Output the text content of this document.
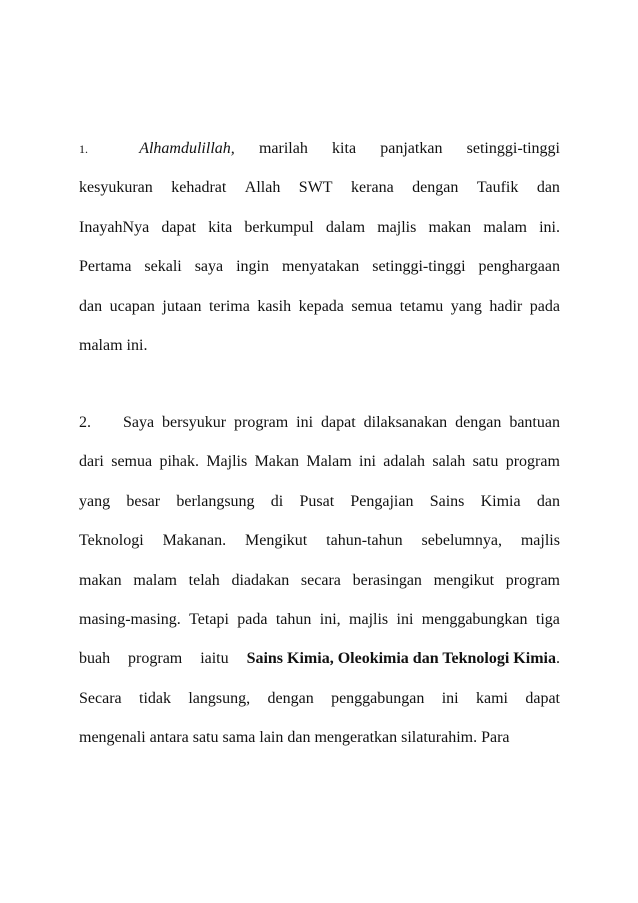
1.	Alhamdulillah, marilah kita panjatkan setinggi-tinggi
kesyukuran kehadrat Allah SWT kerana dengan Taufik dan
InayahNya dapat kita berkumpul dalam majlis makan malam ini.
Pertama sekali saya ingin menyatakan setinggi-tinggi penghargaan
dan ucapan jutaan terima kasih kepada semua tetamu yang hadir pada
malam ini.
2.	Saya bersyukur program ini dapat dilaksanakan dengan bantuan
dari semua pihak. Majlis Makan Malam ini adalah salah satu program
yang besar berlangsung di Pusat Pengajian Sains Kimia dan
Teknologi Makanan. Mengikut tahun-tahun sebelumnya, majlis
makan malam telah diadakan secara berasingan mengikut program
masing-masing. Tetapi pada tahun ini, majlis ini menggabungkan tiga
buah program iaitu Sains Kimia, Oleokimia dan Teknologi Kimia.
Secara tidak langsung, dengan penggabungan ini kami dapat
mengenali antara satu sama lain dan mengeratkan silaturahim. Para
